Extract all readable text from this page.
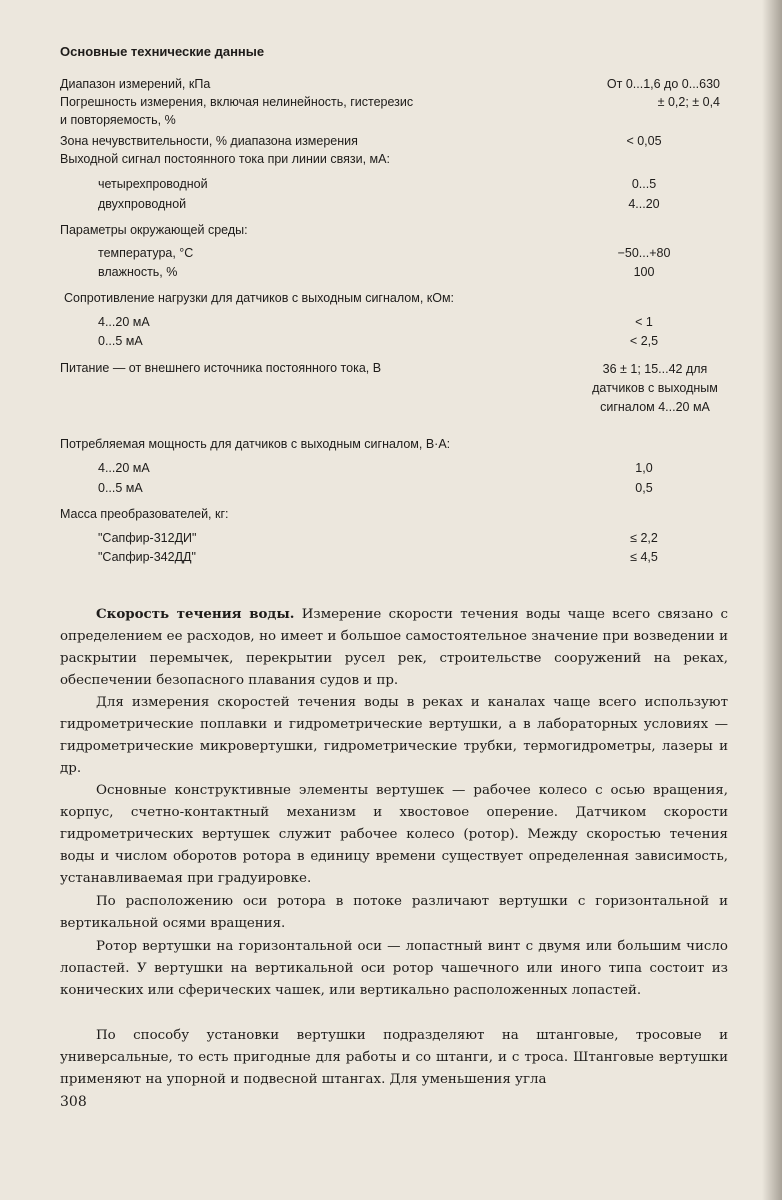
Основные технические данные
Диапазон измерений, кПа	От 0...1,6 до 0...630
Погрешность измерения, включая нелинейность, гистерезис	± 0,2; ± 0,4
и повторяемость, %
Зона нечувствительности, % диапазона измерения	< 0,05
Выходной сигнал постоянного тока при линии связи, мА:
четырехпроводной	0...5
двухпроводной	4...20
Параметры окружающей среды:
температура, °С	−50...+80
влажность, %	100
Сопротивление нагрузки для датчиков с выходным сигналом, кОм:
4...20 мА	< 1
0...5 мА	< 2,5
Питание — от внешнего источника постоянного тока, В	36 ± 1; 15...42 для датчиков с выходным сигналом 4...20 мА
Потребляемая мощность для датчиков с выходным сигналом, В·А:
4...20 мА	1,0
0...5 мА	0,5
Масса преобразователей, кг:
"Сапфир-312ДИ"	≤ 2,2
"Сапфир-342ДД"	≤ 4,5
Скорость течения воды. Измерение скорости течения воды чаще всего связано с определением ее расходов, но имеет и большое самостоятельное значение при возведении и раскрытии перемычек, перекрытии русел рек, строительстве сооружений на реках, обеспечении безопасного плавания судов и пр.
Для измерения скоростей течения воды в реках и каналах чаще всего используют гидрометрические поплавки и гидрометрические вертушки, а в лабораторных условиях — гидрометрические микровертушки, гидрометрические трубки, термогидрометры, лазеры и др.
Основные конструктивные элементы вертушек — рабочее колесо с осью вращения, корпус, счетно-контактный механизм и хвостовое оперение. Датчиком скорости гидрометрических вертушек служит рабочее колесо (ротор). Между скоростью течения воды и числом оборотов ротора в единицу времени существует определенная зависимость, устанавливаемая при градуировке.
По расположению оси ротора в потоке различают вертушки с горизонтальной и вертикальной осями вращения.
Ротор вертушки на горизонтальной оси — лопастный винт с двумя или большим число лопастей. У вертушки на вертикальной оси ротор чашечного или иного типа состоит из конических или сферических чашек, или вертикально расположенных лопастей.
По способу установки вертушки подразделяют на штанговые, тросовые и универсальные, то есть пригодные для работы и со штанги, и с троса. Штанговые вертушки применяют на упорной и подвесной штангах. Для уменьшения угла
308
